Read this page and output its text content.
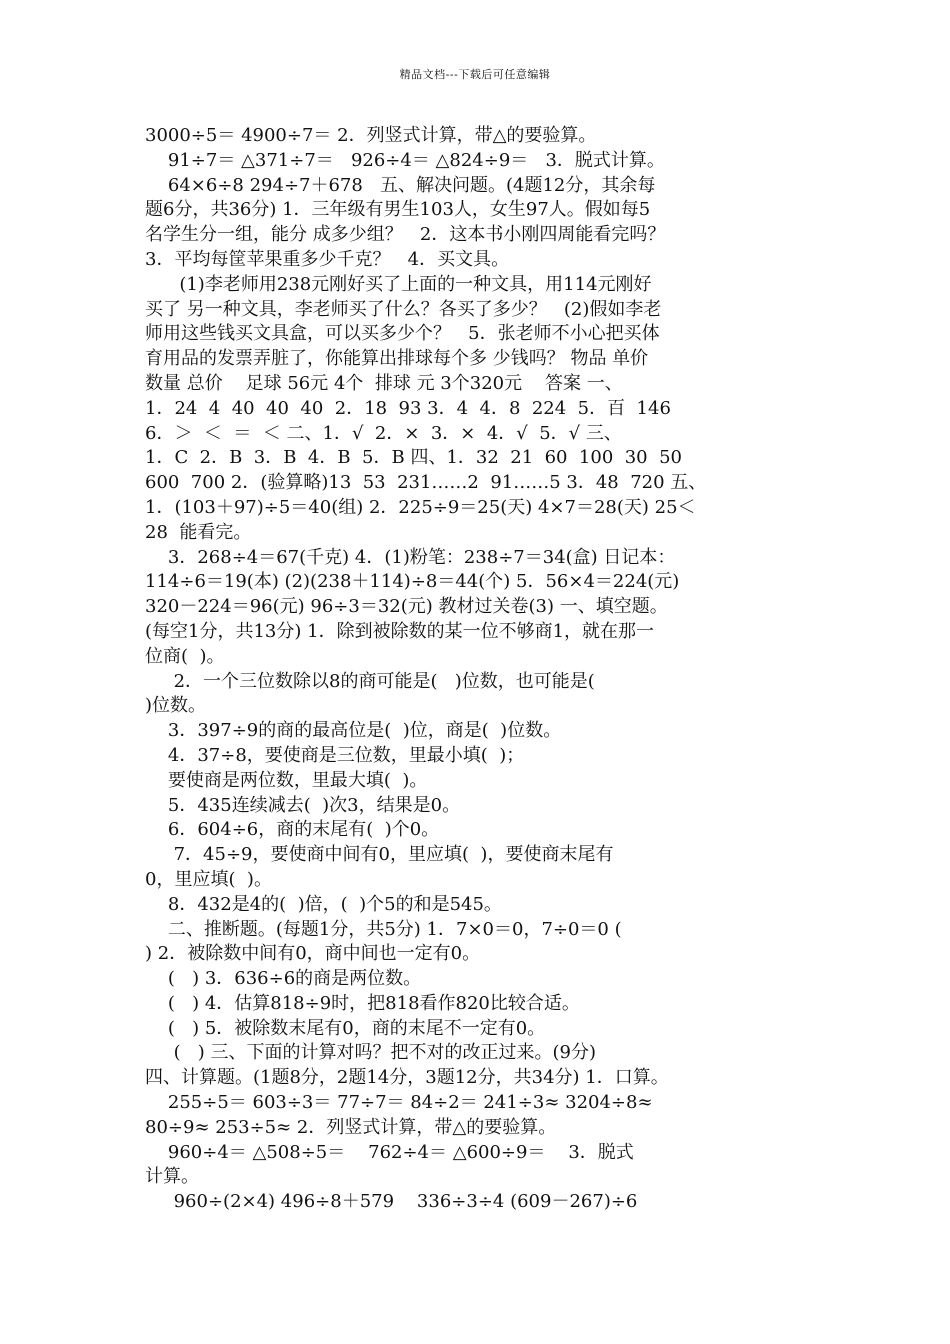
精品文档---下载后可任意编辑
3000÷5＝ 4900÷7＝ 2．列竖式计算，带△的要验算。
91÷7＝ △371÷7＝   926÷4＝ △824÷9＝   3．脱式计算。
64×6÷8 294÷7＋678   五、解决问题。(4题12分，其余每
题6分，共36分) 1．三年级有男生103人，女生97人。假如每5
名学生分一组，能分 成多少组？   2．这本书小刚四周能看完吗？
3．平均每筐苹果重多少千克？   4．买文具。
(1)李老师用238元刚好买了上面的一种文具，用114元刚好
买了 另一种文具，李老师买了什么？各买了多少？   (2)假如李老
师用这些钱买文具盒，可以买多少个？   5．张老师不小心把买体
育用品的发票弄脏了，你能算出排球每个多 少钱吗？ 物品 单价
数量 总价    足球 56元 4个  排球 元 3个320元    答案 一、
1．24  4  40  40  40  2．18  93 3．4  4．8  224  5．百  146
6．＞  ＜  ＝  ＜ 二、1．√  2．×  3．×  4．√  5．√ 三、
1．C  2．B  3．B  4．B  5．B 四、1．32  21  60  100  30  50
600  700 2．(验算略)13  53  231……2  91……5 3．48  720 五、
1．(103＋97)÷5＝40(组) 2．225÷9＝25(天) 4×7＝28(天) 25＜
28  能看完。
3．268÷4＝67(千克) 4．(1)粉笔：238÷7＝34(盒) 日记本：
114÷6＝19(本) (2)(238＋114)÷8＝44(个) 5．56×4＝224(元)
320－224＝96(元) 96÷3＝32(元) 教材过关卷(3) 一、填空题。
(每空1分，共13分) 1．除到被除数的某一位不够商1，就在那一
位商(  )。
2．一个三位数除以8的商可能是(   )位数，也可能是(
)位数。
3．397÷9的商的最高位是(  )位，商是(  )位数。
4．37÷8，要使商是三位数，里最小填(  )；
要使商是两位数，里最大填(  )。
5．435连续减去(  )次3，结果是0。
6．604÷6，商的末尾有(  )个0。
7．45÷9，要使商中间有0，里应填(  )，要使商末尾有
0，里应填(  )。
8．432是4的(  )倍，(  )个5的和是545。
二、推断题。(每题1分，共5分) 1．7×0＝0，7÷0＝0 (
) 2．被除数中间有0，商中间也一定有0。
(   ) 3．636÷6的商是两位数。
(   ) 4．估算818÷9时，把818看作820比较合适。
(   ) 5．被除数末尾有0，商的末尾不一定有0。
(   ) 三、下面的计算对吗？把不对的改正过来。(9分)
四、计算题。(1题8分，2题14分，3题12分，共34分) 1．口算。
255÷5＝ 603÷3＝ 77÷7＝ 84÷2＝ 241÷3≈ 3204÷8≈
80÷9≈ 253÷5≈ 2．列竖式计算，带△的要验算。
960÷4＝ △508÷5＝    762÷4＝ △600÷9＝    3．脱式
计算。
960÷(2×4) 496÷8＋579    336÷3÷4 (609－267)÷6
